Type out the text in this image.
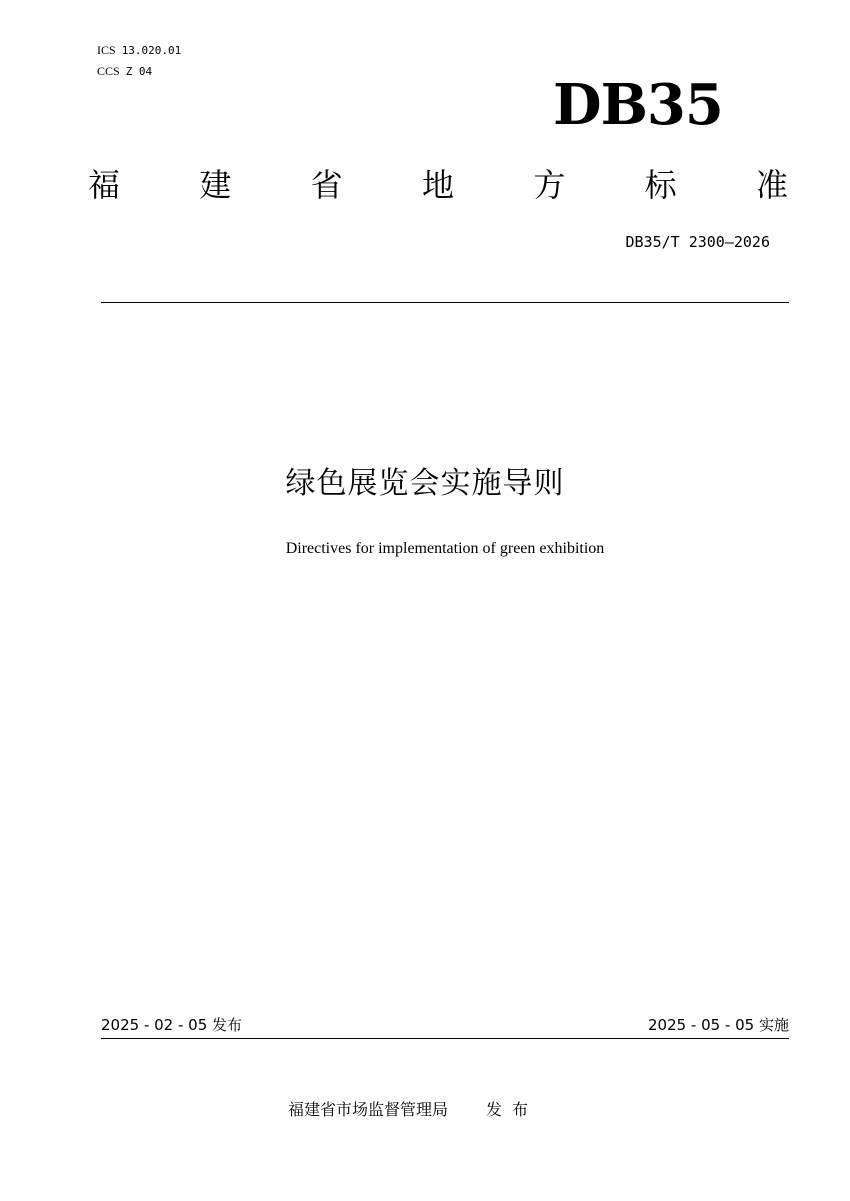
ICS 13.020.01
CCS Z 04
DB35
福 建 省 地 方 标 准
DB35/T 2300—2026
绿色展览会实施导则
Directives for implementation of green exhibition
2025 - 02 - 05 发布	2025 - 05 - 05 实施
福建省市场监督管理局 发布
